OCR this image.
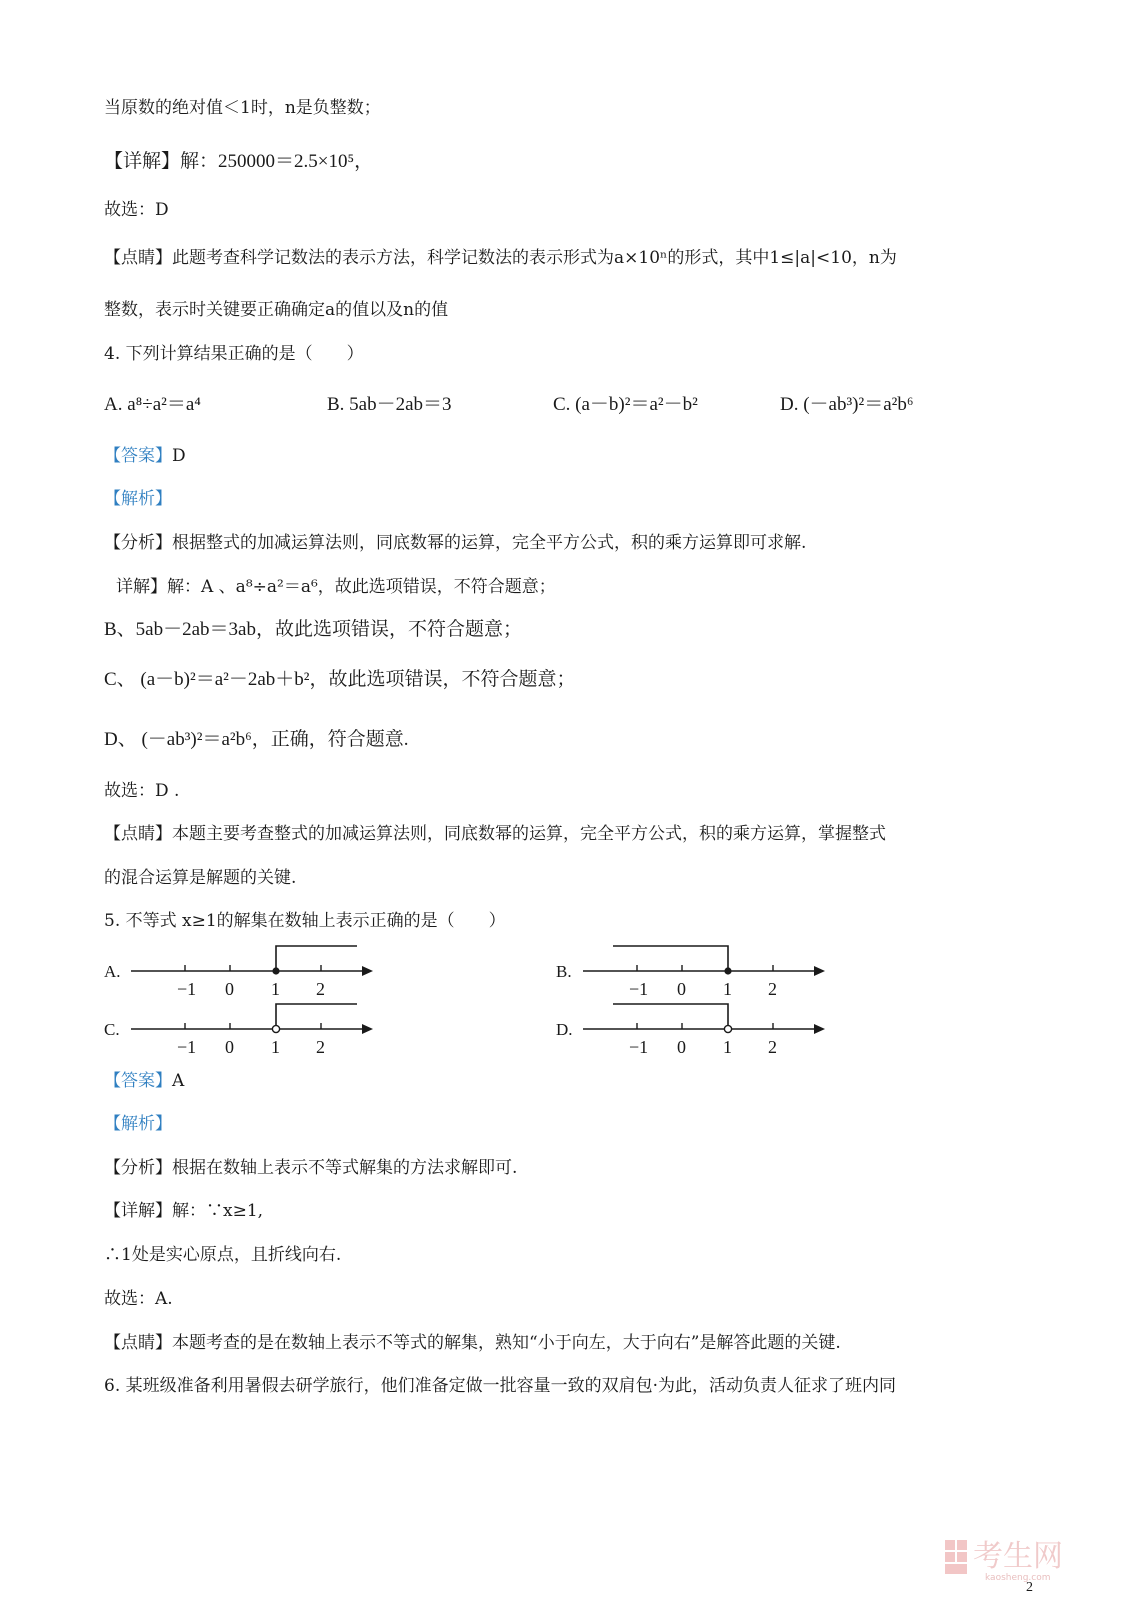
当原数的绝对值＜1时，n是负整数；
【详解】解：250000＝2.5×10⁵，
故选：D
【点睛】此题考查科学记数法的表示方法，科学记数法的表示形式为a×10ⁿ的形式，其中1≤|a|<10，n为
整数，表示时关键要正确确定a的值以及n的值
4. 下列计算结果正确的是（　　）
A. a⁸÷a²＝a⁴	B. 5ab－2ab＝3	C. (a－b)²＝a²－b²	D. (－ab³)²＝a²b⁶
【答案】D
【解析】
【分析】根据整式的加减运算法则，同底数幂的运算，完全平方公式，积的乘方运算即可求解.
详解】解：A 、a⁸÷a²＝a⁶，故此选项错误，不符合题意；
B、5ab－2ab＝3ab，故此选项错误，不符合题意；
C、 (a－b)²＝a²－2ab＋b²，故此选项错误，不符合题意；
D、 (－ab³)²＝a²b⁶，正确，符合题意.
故选：D .
【点睛】本题主要考查整式的加减运算法则，同底数幂的运算，完全平方公式，积的乘方运算，掌握整式
的混合运算是解题的关键.
5. 不等式 x≥1的解集在数轴上表示正确的是（　　）
A.
−1 0 1 2
B.
−1 0 1 2
C.
−1 0 1 2
D.
−1 0 1 2
【答案】A
【解析】
【分析】根据在数轴上表示不等式解集的方法求解即可.
【详解】解：∵x≥1,
∴1处是实心原点，且折线向右.
故选：A.
【点睛】本题考查的是在数轴上表示不等式的解集，熟知“小于向左，大于向右”是解答此题的关键.
6. 某班级准备利用暑假去研学旅行，他们准备定做一批容量一致的双肩包·为此，活动负责人征求了班内同
考生网
kaosheng.com
2
